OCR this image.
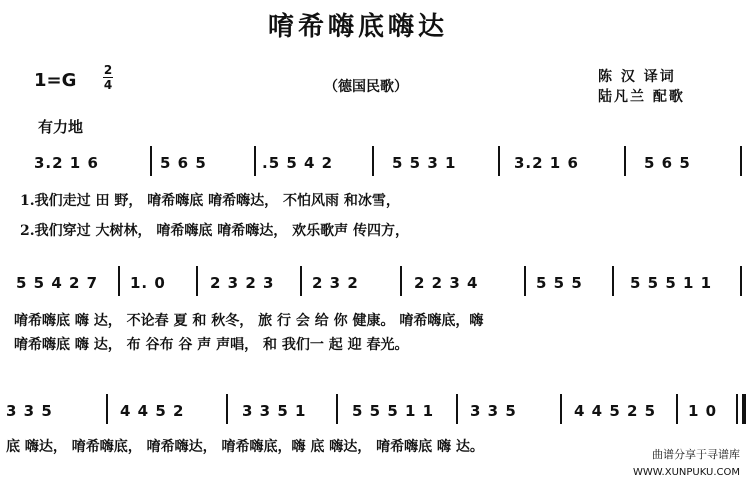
唷希嗨底嗨达
1=G 2
4	（德国民歌）
陈 汉 译词
陆凡兰 配歌
有力地
3.2 1 6	5 6 5	.5 5 4 2	5 5 3 1	3.2 1 6	5 6 5
1.我们走过 田 野， 唷希嗨底 唷希嗨达， 不怕风雨 和冰雪，
2.我们穿过 大树林， 唷希嗨底 唷希嗨达， 欢乐歌声 传四方，
5 5 4 2 7 1. 0	2 3 2 3	2 3 2	2 2 3 4	5 5 5	5 5 5 1 1
唷希嗨底 嗨 达， 不论春 夏 和 秋冬， 旅 行 会 给 你 健康。 唷希嗨底，嗨
唷希嗨底 嗨 达， 布 谷布 谷 声 声唱， 和 我们一 起 迎 春光。
3 3 5	4 4 5 2	3 3 5 1	5 5 5 1 1 3 3 5	4 4 5 2 5 1 0
底 嗨达， 唷希嗨底， 唷希嗨达， 唷希嗨底，嗨 底 嗨达， 唷希嗨底 嗨 达。	曲谱分享于寻谱库
WWW.XUNPUKU.COM
